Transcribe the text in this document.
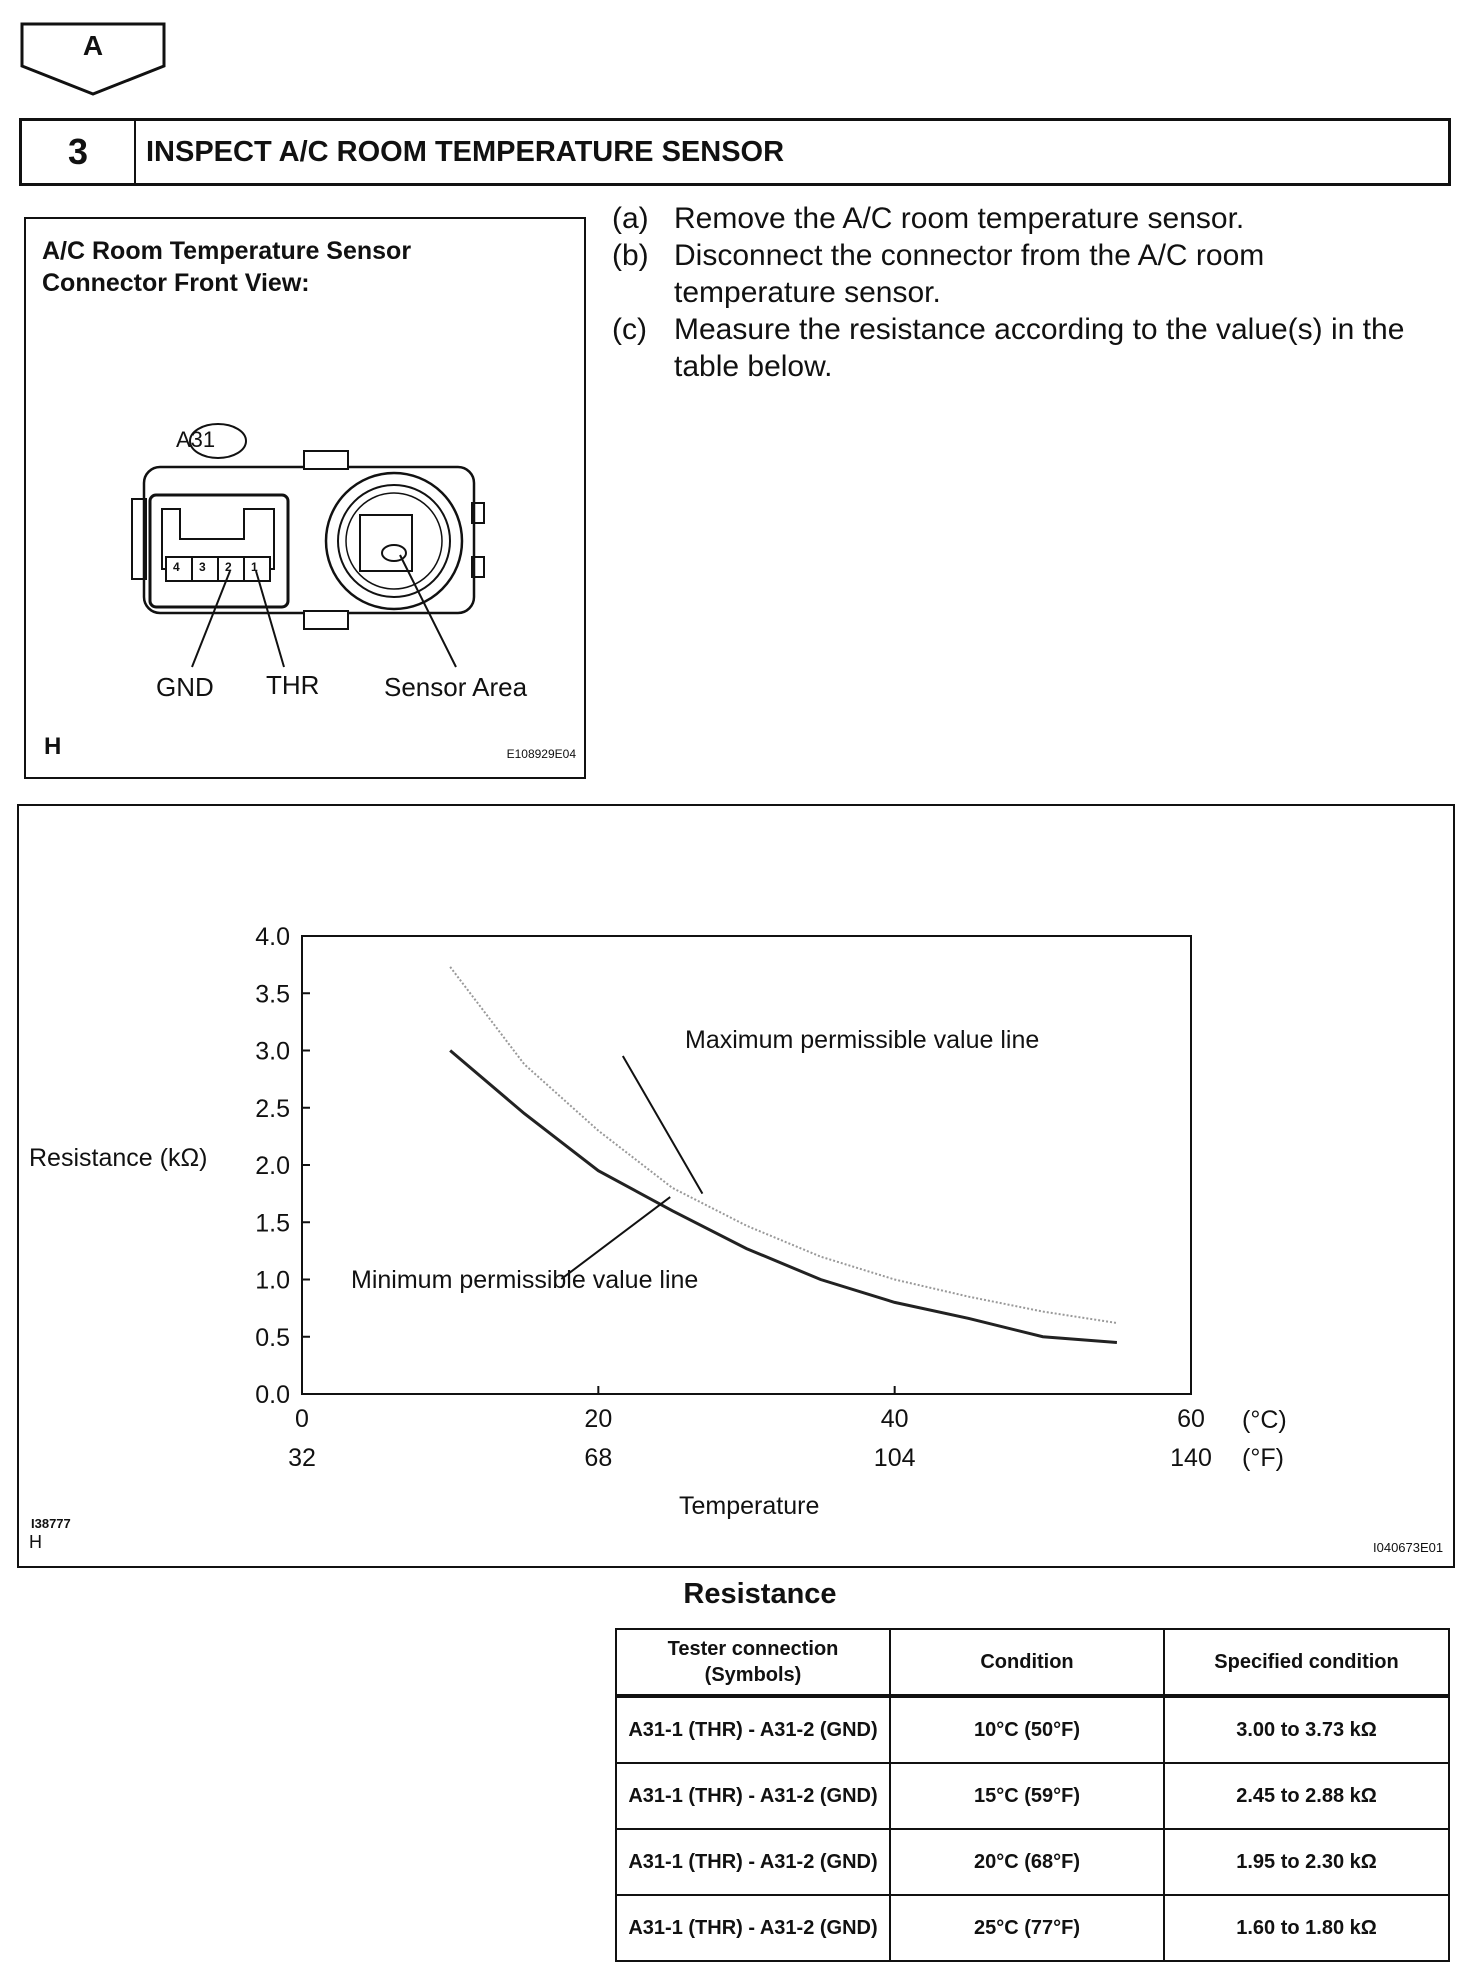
A
3	INSPECT A/C ROOM TEMPERATURE SENSOR
A/C Room Temperature Sensor
Connector Front View:
A31
4 3 2 1
GND THR Sensor Area
H	E108929E04
(a) Remove the A/C room temperature sensor.
(b) Disconnect the connector from the A/C room temperature sensor.
(c) Measure the resistance according to the value(s) in the table below.
0.0
0.5
1.0
1.5
2.0
2.5
3.0
3.5
4.0
0
32
20
68
40
104
60
140
Resistance (kΩ)
Temperature
(°C)
(°F)
Maximum permissible value line
Minimum permissible value line
I38777
H	I040673E01
Resistance
Tester connection (Symbols)	Condition	Specified condition
A31-1 (THR) - A31-2 (GND)	10°C (50°F)	3.00 to 3.73 kΩ
A31-1 (THR) - A31-2 (GND)	15°C (59°F)	2.45 to 2.88 kΩ
A31-1 (THR) - A31-2 (GND)	20°C (68°F)	1.95 to 2.30 kΩ
A31-1 (THR) - A31-2 (GND)	25°C (77°F)	1.60 to 1.80 kΩ
